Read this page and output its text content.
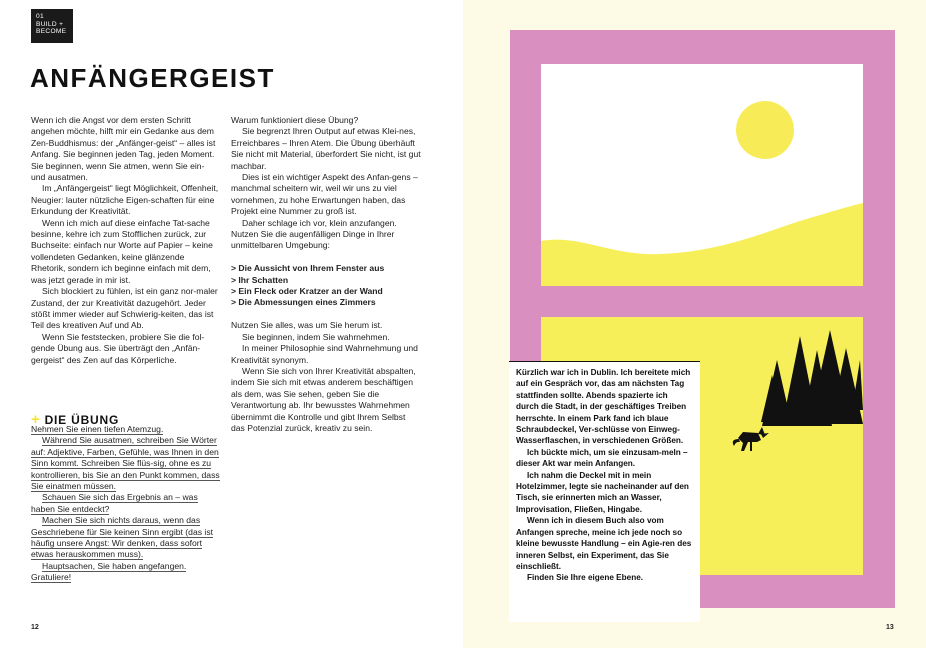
01
BUILD +
BECOME
ANFÄNGERGEIST

Wenn ich die Angst vor dem ersten Schritt angehen möchte, hilft mir ein Gedanke aus dem Zen-Buddhismus: der „Anfänger-geist“ – alles ist Anfang. Sie beginnen jeden Tag, jeden Moment. Sie beginnen, wenn Sie atmen, wenn Sie ein- und ausatmen.

Im „Anfängergeist“ liegt Möglichkeit, Offenheit, Neugier: lauter nützliche Eigen-schaften für eine Erkundung der Kreativität.

Wenn ich mich auf diese einfache Tat-sache besinne, kehre ich zum Stofflichen zurück, zur Buchseite: einfach nur Worte auf Papier – keine vollendeten Gedanken, keine glänzende Rhetorik, sondern ich beginne einfach mit dem, was jetzt gerade in mir ist.

Sich blockiert zu fühlen, ist ein ganz nor-maler Zustand, der zur Kreativität dazugehört. Jeder stößt immer wieder auf Schwierig-keiten, das ist Teil des kreativen Auf und Ab.

Wenn Sie feststecken, probiere Sie die fol-gende Übung aus. Sie überträgt den „Anfän-gergeist“ des Zen auf das Körperliche.

Warum funktioniert diese Übung?

Sie begrenzt Ihren Output auf etwas Klei-nes, Erreichbares – Ihren Atem. Die Übung überhäuft Sie nicht mit Material, überfordert Sie nicht, ist gut machbar.

Dies ist ein wichtiger Aspekt des Anfan-gens – manchmal scheitern wir, weil wir uns zu viel vornehmen, zu hohe Erwartungen haben, das Projekt eine Nummer zu groß ist.

Daher schlage ich vor, klein anzufangen. Nutzen Sie die augenfälligen Dinge in Ihrer unmittelbaren Umgebung:

> Die Aussicht von Ihrem Fenster aus

> Ihr Schatten

> Ein Fleck oder Kratzer an der Wand

> Die Abmessungen eines Zimmers

Nutzen Sie alles, was um Sie herum ist.

Sie beginnen, indem Sie wahrnehmen.

In meiner Philosophie sind Wahrnehmung und Kreativität synonym.

Wenn Sie sich von Ihrer Kreativität abspalten, indem Sie sich mit etwas anderem beschäftigen als dem, was Sie sehen, geben Sie die Verantwortung ab. Ihr bewusstes Wahrnehmen übernimmt die Kontrolle und gibt Ihrem Selbst das Potenzial zurück, kreativ zu sein.

+ DIE ÜBUNG

Nehmen Sie einen tiefen Atemzug.

Während Sie ausatmen, schreiben Sie Wörter auf: Adjektive, Farben, Gefühle, was Ihnen in den Sinn kommt. Schreiben Sie flüs-sig, ohne es zu kontrollieren, bis Sie an den Punkt kommen, dass Sie einatmen müssen.

Schauen Sie sich das Ergebnis an – was haben Sie entdeckt?

Machen Sie sich nichts daraus, wenn das Geschriebene für Sie keinen Sinn ergibt (das ist häufig unsere Angst: Wir denken, dass sofort etwas herauskommen muss).

Hauptsachen, Sie haben angefangen. Gratuliere!

Kürzlich war ich in Dublin. Ich bereitete mich auf ein Gespräch vor, das am nächsten Tag stattfinden sollte. Abends spazierte ich durch die Stadt, in der geschäftiges Treiben herrschte. In einem Park fand ich blaue Schraubdeckel, Ver-schlüsse von Einweg-Wasserflaschen, in verschiedenen Größen.

Ich bückte mich, um sie einzusam-meln – dieser Akt war mein Anfangen.

Ich nahm die Deckel mit in mein Hotelzimmer, legte sie nacheinander auf den Tisch, sie erinnerten mich an Wasser, Improvisation, Fließen, Hingabe.

Wenn ich in diesem Buch also vom Anfangen spreche, meine ich jede noch so kleine bewusste Handlung – ein Agie-ren des inneren Selbst, ein Experiment, das Sie einschließt.

Finden Sie Ihre eigene Ebene.

12	13
